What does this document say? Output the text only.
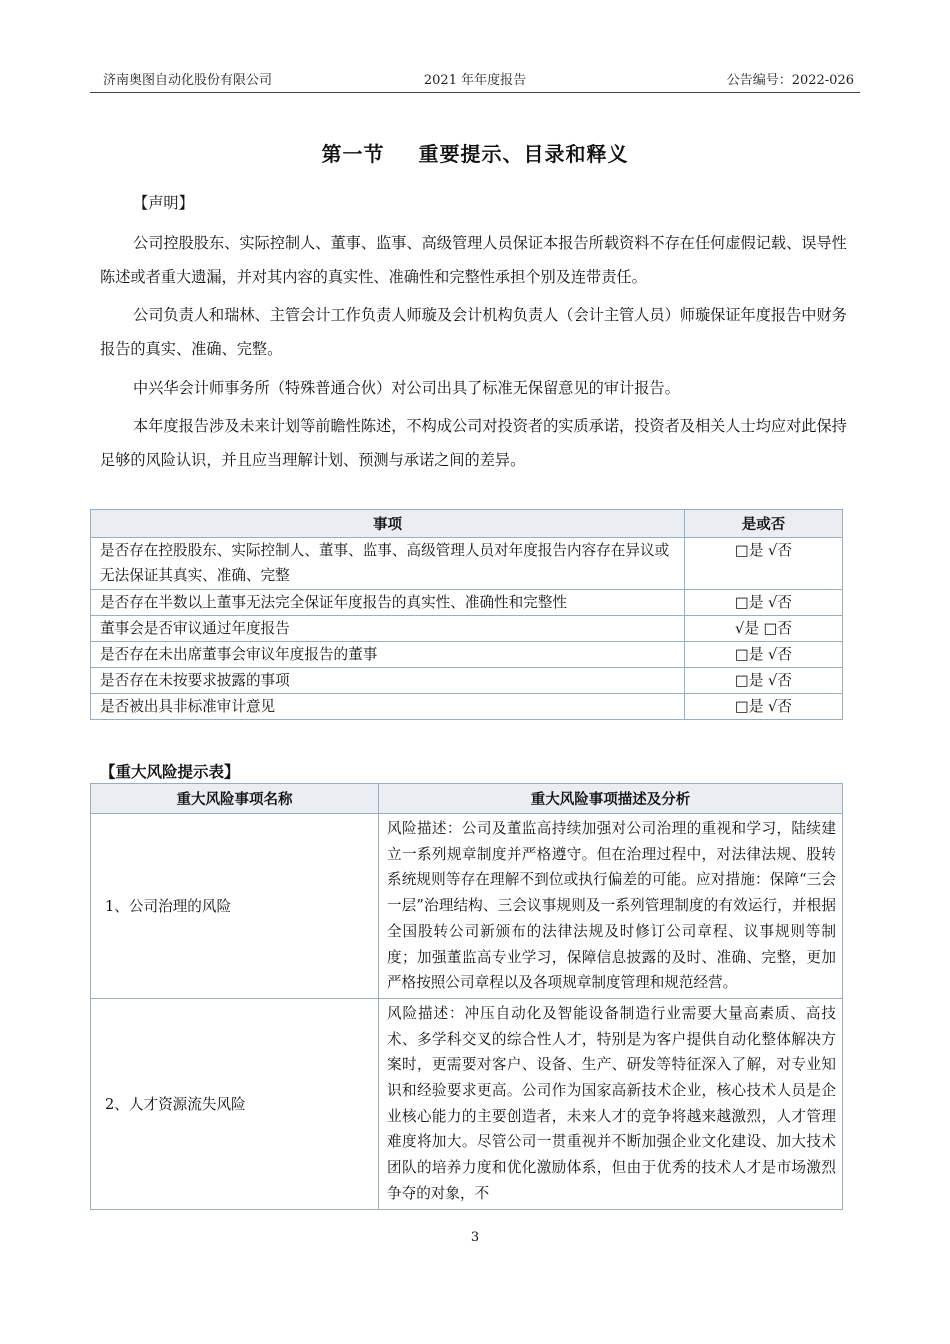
济南奥图自动化股份有限公司	2021 年年度报告	公告编号：2022-026
第一节 重要提示、目录和释义
【声明】
公司控股股东、实际控制人、董事、监事、高级管理人员保证本报告所载资料不存在任何虚假记载、误导性陈述或者重大遗漏，并对其内容的真实性、准确性和完整性承担个别及连带责任。
公司负责人和瑞林、主管会计工作负责人师璇及会计机构负责人（会计主管人员）师璇保证年度报告中财务报告的真实、准确、完整。
中兴华会计师事务所（特殊普通合伙）对公司出具了标准无保留意见的审计报告。
本年度报告涉及未来计划等前瞻性陈述，不构成公司对投资者的实质承诺，投资者及相关人士均应对此保持足够的风险认识，并且应当理解计划、预测与承诺之间的差异。
事项	是或否
是否存在控股股东、实际控制人、董事、监事、高级管理人员对年度报告内容存在异议或无法保证其真实、准确、完整	□是 √否
是否存在半数以上董事无法完全保证年度报告的真实性、准确性和完整性	□是 √否
董事会是否审议通过年度报告	√是 □否
是否存在未出席董事会审议年度报告的董事	□是 √否
是否存在未按要求披露的事项	□是 √否
是否被出具非标准审计意见	□是 √否
【重大风险提示表】
重大风险事项名称	重大风险事项描述及分析
1、公司治理的风险	风险描述：公司及董监高持续加强对公司治理的重视和学习，陆续建立一系列规章制度并严格遵守。但在治理过程中，对法律法规、股转系统规则等存在理解不到位或执行偏差的可能。应对措施：保障“三会一层”治理结构、三会议事规则及一系列管理制度的有效运行，并根据全国股转公司新颁布的法律法规及时修订公司章程、议事规则等制度；加强董监高专业学习，保障信息披露的及时、准确、完整，更加严格按照公司章程以及各项规章制度管理和规范经营。
2、人才资源流失风险	风险描述：冲压自动化及智能设备制造行业需要大量高素质、高技术、多学科交叉的综合性人才，特别是为客户提供自动化整体解决方案时，更需要对客户、设备、生产、研发等特征深入了解，对专业知识和经验要求更高。公司作为国家高新技术企业，核心技术人员是企业核心能力的主要创造者，未来人才的竞争将越来越激烈，人才管理难度将加大。尽管公司一贯重视并不断加强企业文化建设、加大技术团队的培养力度和优化激励体系，但由于优秀的技术人才是市场激烈争夺的对象，不
3
